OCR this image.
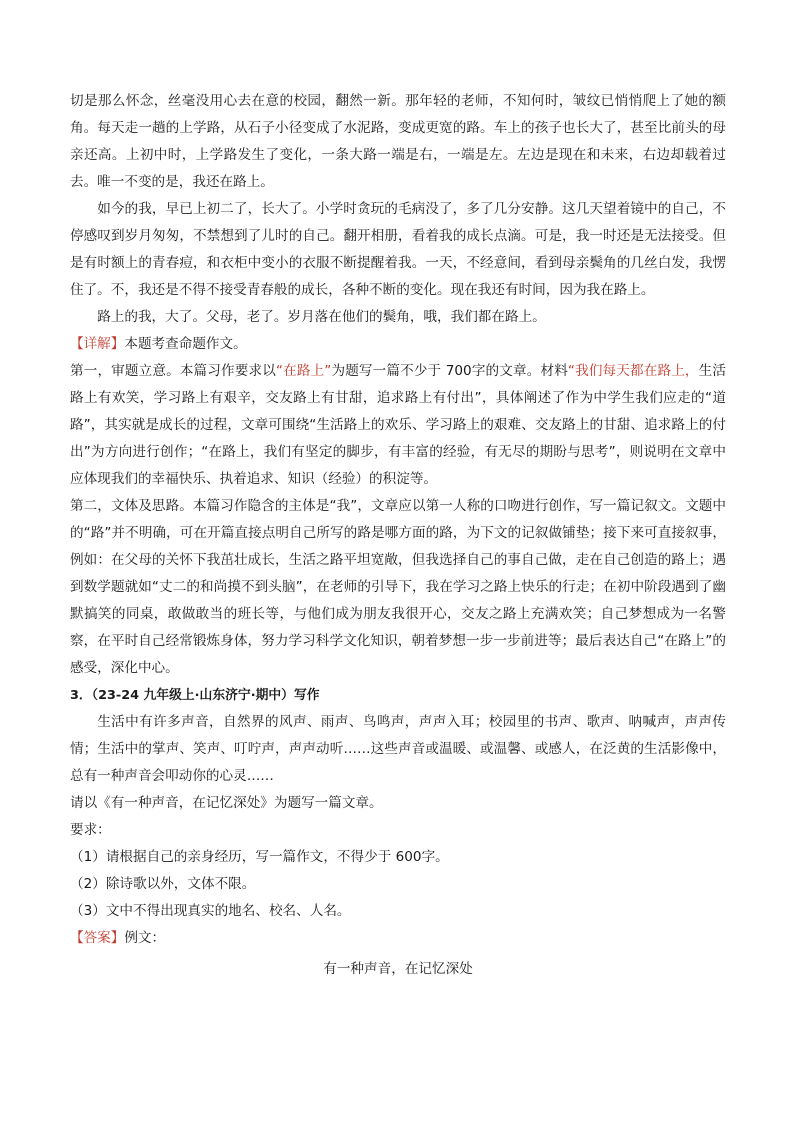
切是那么怀念，丝毫没用心去在意的校园，翻然一新。那年轻的老师，不知何时，皱纹已悄悄爬上了她的额角。每天走一趟的上学路，从石子小径变成了水泥路，变成更宽的路。车上的孩子也长大了，甚至比前头的母亲还高。上初中时，上学路发生了变化，一条大路一端是右，一端是左。左边是现在和未来，右边却载着过去。唯一不变的是，我还在路上。

如今的我，早已上初二了，长大了。小学时贪玩的毛病没了，多了几分安静。这几天望着镜中的自己，不停感叹到岁月匆匆，不禁想到了儿时的自己。翻开相册，看着我的成长点滴。可是，我一时还是无法接受。但是有时额上的青春痘，和衣柜中变小的衣服不断提醒着我。一天，不经意间，看到母亲鬓角的几丝白发，我愣住了。不，我还是不得不接受青春般的成长，各种不断的变化。现在我还有时间，因为我在路上。

路上的我，大了。父母，老了。岁月落在他们的鬓角，哦，我们都在路上。

【详解】本题考查命题作文。

第一，审题立意。本篇习作要求以“在路上”为题写一篇不少于 700字的文章。材料“我们每天都在路上，生活路上有欢笑，学习路上有艰辛，交友路上有甘甜，追求路上有付出”，具体阐述了作为中学生我们应走的“道路”，其实就是成长的过程，文章可围绕“生活路上的欢乐、学习路上的艰难、交友路上的甘甜、追求路上的付出”为方向进行创作；“在路上，我们有坚定的脚步，有丰富的经验，有无尽的期盼与思考”，则说明在文章中应体现我们的幸福快乐、执着追求、知识（经验）的积淀等。

第二，文体及思路。本篇习作隐含的主体是“我”，文章应以第一人称的口吻进行创作，写一篇记叙文。文题中的“路”并不明确，可在开篇直接点明自己所写的路是哪方面的路，为下文的记叙做铺垫；接下来可直接叙事，例如：在父母的关怀下我茁壮成长，生活之路平坦宽敞，但我选择自己的事自己做，走在自己创造的路上；遇到数学题就如“丈二的和尚摸不到头脑”，在老师的引导下，我在学习之路上快乐的行走；在初中阶段遇到了幽默搞笑的同桌，敢做敢当的班长等，与他们成为朋友我很开心，交友之路上充满欢笑；自己梦想成为一名警察，在平时自己经常锻炼身体，努力学习科学文化知识，朝着梦想一步一步前进等；最后表达自己“在路上”的感受，深化中心。

3．（23-24 九年级上·山东济宁·期中）写作

生活中有许多声音，自然界的风声、雨声、鸟鸣声，声声入耳；校园里的书声、歌声、呐喊声，声声传情；生活中的掌声、笑声、叮咛声，声声动听……这些声音或温暖、或温馨、或感人，在泛黄的生活影像中，总有一种声音会叩动你的心灵……

请以《有一种声音，在记忆深处》为题写一篇文章。

要求：

（1）请根据自己的亲身经历，写一篇作文，不得少于 600字。

（2）除诗歌以外，文体不限。

（3）文中不得出现真实的地名、校名、人名。

【答案】例文：

有一种声音，在记忆深处
